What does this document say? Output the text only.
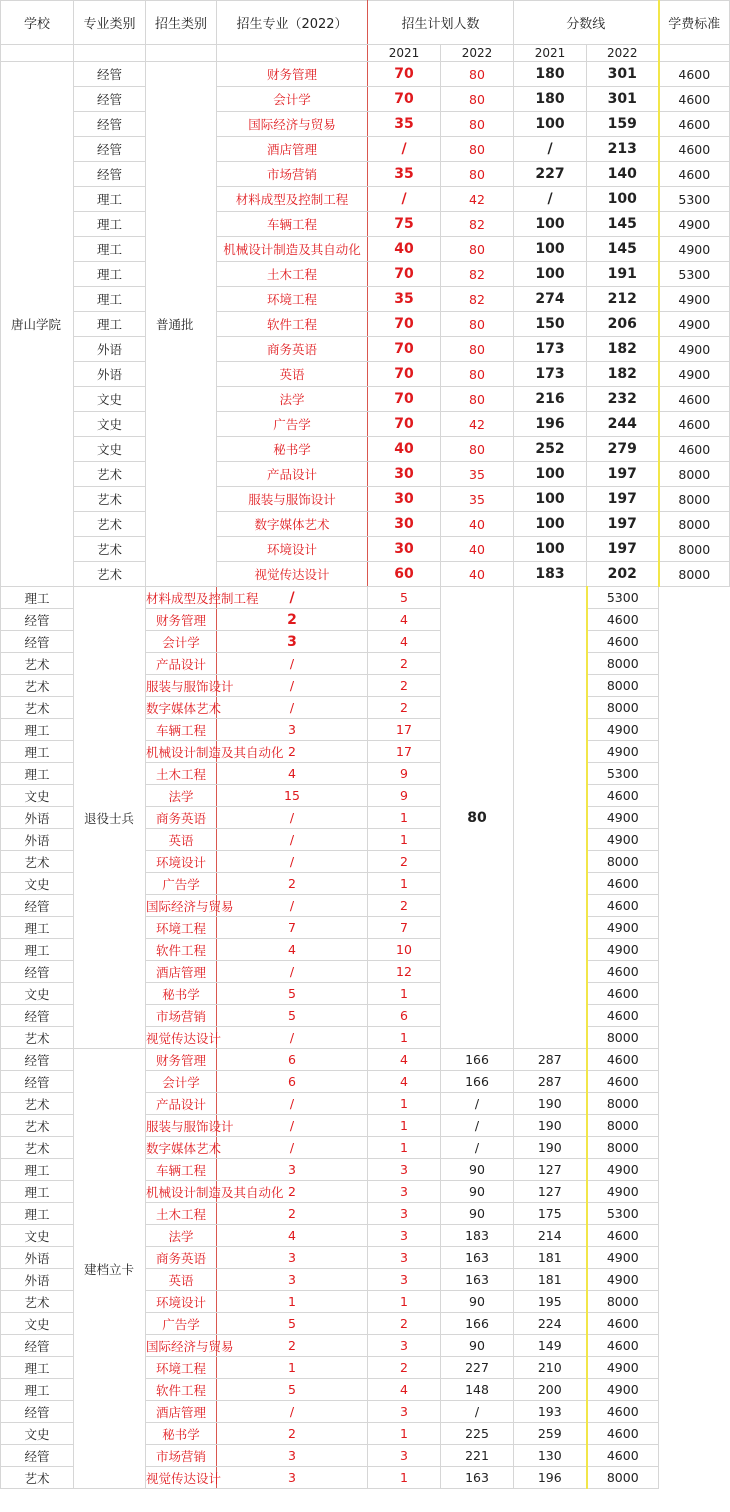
学校	专业类别	招生类别	招生专业（2022）	招生计划人数		分数线		学费标准
				2021	2022	2021	2022	
唐山学院	经管	普通批	财务管理	70	80	180	301	4600
	经管		会计学	70	80	180	301	4600
	经管		国际经济与贸易	35	80	100	159	4600
	经管		酒店管理	/	80	/	213	4600
	经管		市场营销	35	80	227	140	4600
	理工		材料成型及控制工程	/	42	/	100	5300
	理工		车辆工程	75	82	100	145	4900
	理工		机械设计制造及其自动化	40	80	100	145	4900
	理工		土木工程	70	82	100	191	5300
	理工		环境工程	35	82	274	212	4900
	理工		软件工程	70	80	150	206	4900
	外语		商务英语	70	80	173	182	4900
	外语		英语	70	80	173	182	4900
	文史		法学	70	80	216	232	4600
	文史		广告学	70	42	196	244	4600
	文史		秘书学	40	80	252	279	4600
	艺术		产品设计	30	35	100	197	8000
	艺术		服装与服饰设计	30	35	100	197	8000
	艺术		数字媒体艺术	30	40	100	197	8000
	艺术		环境设计	30	40	100	197	8000
	艺术		视觉传达设计	60	40	183	202	8000
理工	退役士兵	材料成型及控制工程	/	5	80		5300	
经管		财务管理	2	4			4600	
经管		会计学	3	4			4600	
艺术		产品设计	/	2			8000	
艺术		服装与服饰设计	/	2			8000	
艺术		数字媒体艺术	/	2			8000	
理工		车辆工程	3	17			4900	
理工		机械设计制造及其自动化	2	17			4900	
理工		土木工程	4	9			5300	
文史		法学	15	9			4600	
外语		商务英语	/	1			4900	
外语		英语	/	1			4900	
艺术		环境设计	/	2			8000	
文史		广告学	2	1			4600	
经管		国际经济与贸易	/	2			4600	
理工		环境工程	7	7			4900	
理工		软件工程	4	10			4900	
经管		酒店管理	/	12			4600	
文史		秘书学	5	1			4600	
经管		市场营销	5	6			4600	
艺术		视觉传达设计	/	1			8000	
经管	建档立卡	财务管理	6	4	166	287	4600	
经管		会计学	6	4	166	287	4600	
艺术		产品设计	/	1	/	190	8000	
艺术		服装与服饰设计	/	1	/	190	8000	
艺术		数字媒体艺术	/	1	/	190	8000	
理工		车辆工程	3	3	90	127	4900	
理工		机械设计制造及其自动化	2	3	90	127	4900	
理工		土木工程	2	3	90	175	5300	
文史		法学	4	3	183	214	4600	
外语		商务英语	3	3	163	181	4900	
外语		英语	3	3	163	181	4900	
艺术		环境设计	1	1	90	195	8000	
文史		广告学	5	2	166	224	4600	
经管		国际经济与贸易	2	3	90	149	4600	
理工		环境工程	1	2	227	210	4900	
理工		软件工程	5	4	148	200	4900	
经管		酒店管理	/	3	/	193	4600	
文史		秘书学	2	1	225	259	4600	
经管		市场营销	3	3	221	130	4600	
艺术		视觉传达设计	3	1	163	196	8000	
